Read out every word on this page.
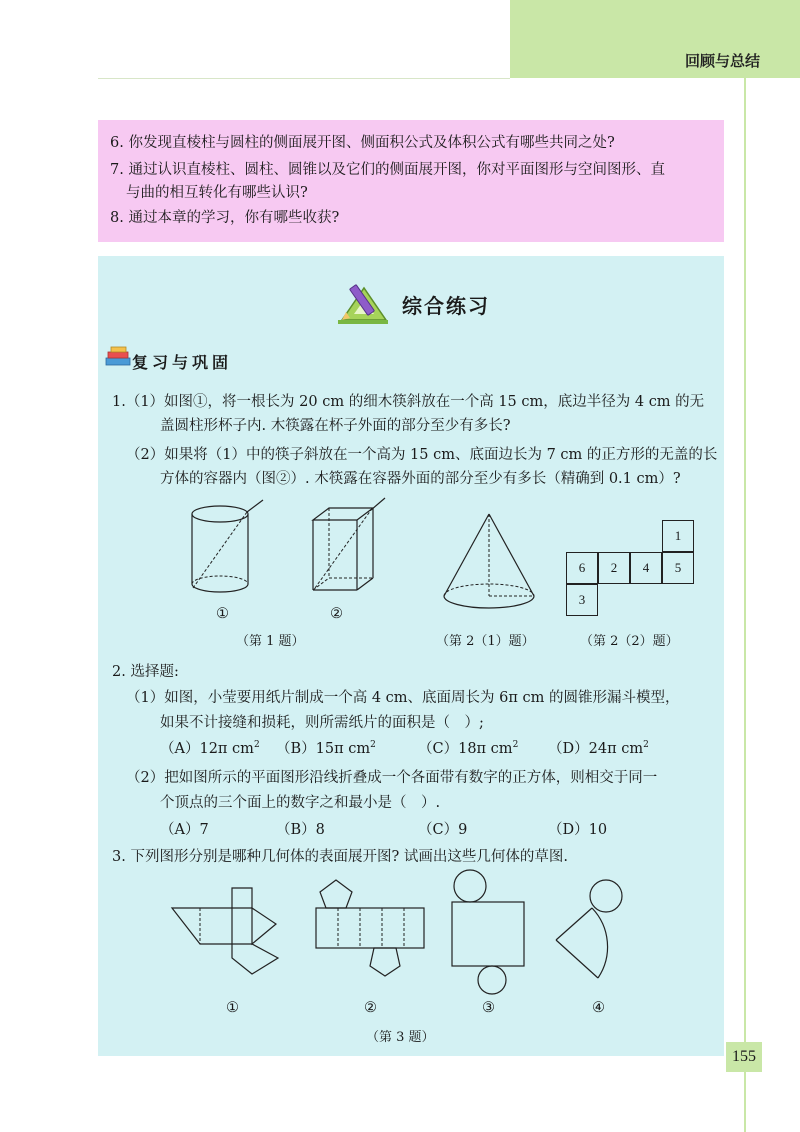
回顾与总结
6. 你发现直棱柱与圆柱的侧面展开图、侧面积公式及体积公式有哪些共同之处?
7. 通过认识直棱柱、圆柱、圆锥以及它们的侧面展开图，你对平面图形与空间图形、直
与曲的相互转化有哪些认识?
8. 通过本章的学习，你有哪些收获?
综合练习
复习与巩固
1.（1）如图①，将一根长为 20 cm 的细木筷斜放在一个高 15 cm，底边半径为 4 cm 的无
盖圆柱形杯子内. 木筷露在杯子外面的部分至少有多长?
（2）如果将（1）中的筷子斜放在一个高为 15 cm、底面边长为 7 cm 的正方形的无盖的长
方体的容器内（图②）. 木筷露在容器外面的部分至少有多长（精确到 0.1 cm）?
①	②
（第 1 题）	（第 2（1）题）
1
6	2	4	5
3
（第 2（2）题）
2. 选择题:
（1）如图，小莹要用纸片制成一个高 4 cm、底面周长为 6π cm 的圆锥形漏斗模型，
如果不计接缝和损耗，则所需纸片的面积是（　）;
（A）12π $cm^2$ （B）15π $cm^2$	（C）18π $cm^2$ （D）24π $cm^2$
（2）把如图所示的平面图形沿线折叠成一个各面带有数字的正方体，则相交于同一
个顶点的三个面上的数字之和最小是（　）.
（A）7	（B）8	（C）9	（D）10
3. 下列图形分别是哪种几何体的表面展开图? 试画出这些几何体的草图.
①	②	③	④
（第 3 题）
155
